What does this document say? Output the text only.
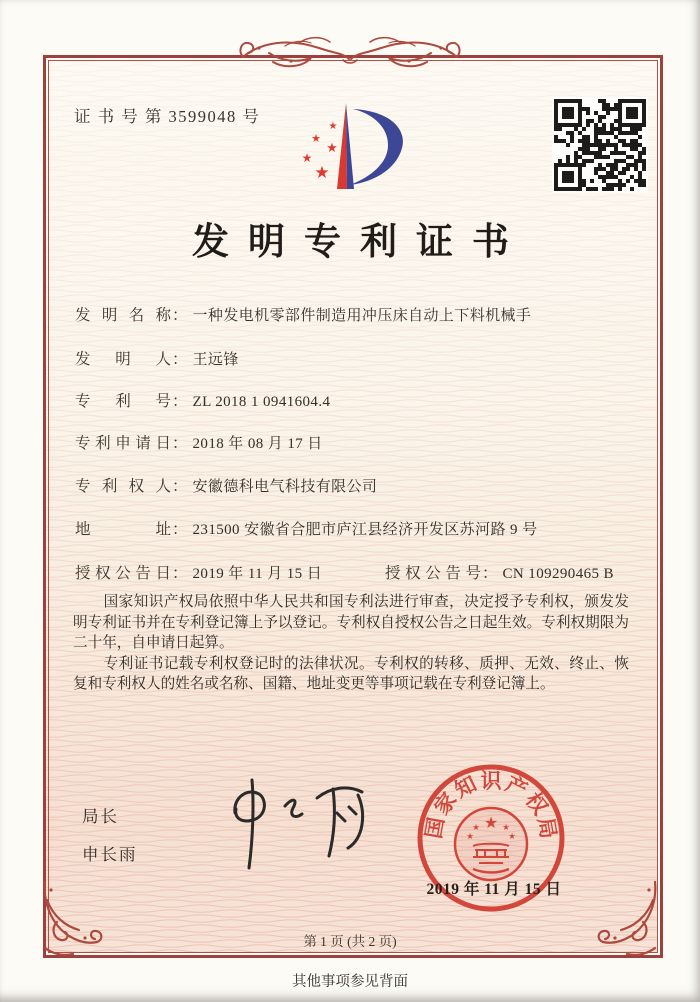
证 书 号 第 3599048 号
★
★
★
★
★
发明专利证书
发明名称 ： 一种发电机零部件制造用冲压床自动上下料机械手
发明人 ： 王远锋
专利号 ： ZL 2018 1 0941604.4
专利申请日 ： 2018 年 08 月 17 日
专利权人 ： 安徽德科电气科技有限公司
地址 ： 231500 安徽省合肥市庐江县经济开发区苏河路 9 号
授权公告日 ： 2019 年 11 月 15 日	授权公告号 ： CN 109290465 B

国家知识产权局依照中华人民共和国专利法进行审查，决定授予专利权，颁发发明专利证书并在专利登记簿上予以登记。专利权自授权公告之日起生效。专利权期限为二十年，自申请日起算。

专利证书记载专利权登记时的法律状况。专利权的转移、质押、无效、终止、恢复和专利权人的姓名或名称、国籍、地址变更等事项记载在专利登记簿上。

局长
申长雨
国
家
知 识 产
权
局
★
★	★
★	★
2019 年 11 月 15 日
第 1 页 (共 2 页)
其他事项参见背面
